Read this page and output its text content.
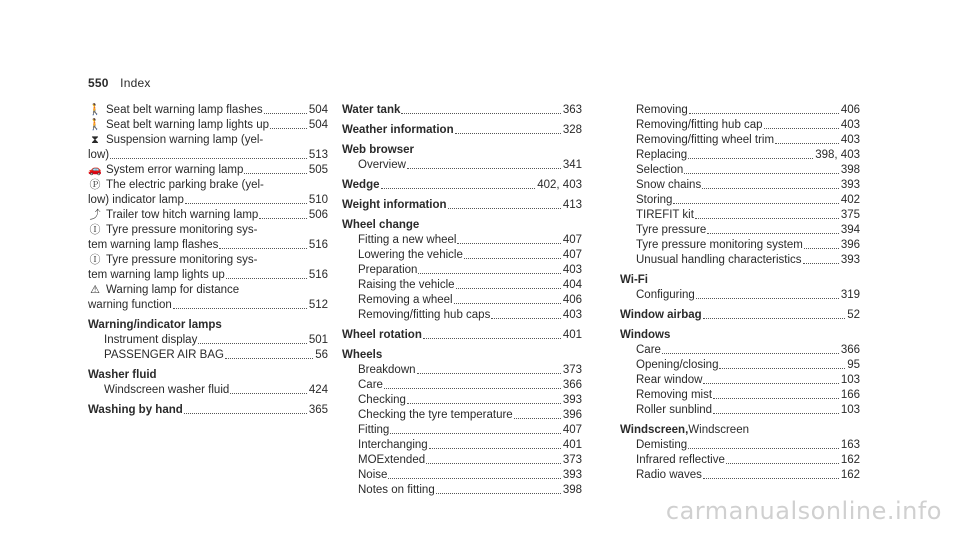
550 Index
🚶 Seat belt warning lamp flashes	504
🚶 Seat belt warning lamp lights up	504
⧗ Suspension warning lamp (yel-
low)	513
🚗 System error warning lamp	505
Ⓟ The electric parking brake (yel-
low) indicator lamp	510
⤴ Trailer tow hitch warning lamp	506
Ⓘ Tyre pressure monitoring sys-
tem warning lamp flashes	516
Ⓘ Tyre pressure monitoring sys-
tem warning lamp lights up	516
⚠ Warning lamp for distance
warning function	512
Warning/indicator lamps
Instrument display	501
PASSENGER AIR BAG	56
Washer fluid
Windscreen washer fluid	424
Washing by hand	365
Water tank	363
Weather information	328
Web browser
Overview	341
Wedge	402, 403
Weight information	413
Wheel change
Fitting a new wheel	407
Lowering the vehicle	407
Preparation	403
Raising the vehicle	404
Removing a wheel	406
Removing/fitting hub caps	403
Wheel rotation	401
Wheels
Breakdown	373
Care	366
Checking	393
Checking the tyre temperature	396
Fitting	407
Interchanging	401
MOExtended	373
Noise	393
Notes on fitting	398
Removing	406
Removing/fitting hub cap	403
Removing/fitting wheel trim	403
Replacing	398, 403
Selection	398
Snow chains	393
Storing	402
TIREFIT kit	375
Tyre pressure	394
Tyre pressure monitoring system	396
Unusual handling characteristics	393
Wi-Fi
Configuring	319
Window airbag	52
Windows
Care	366
Opening/closing	95
Rear window	103
Removing mist	166
Roller sunblind	103
Windscreen, Windscreen
Demisting	163
Infrared reflective	162
Radio waves	162
carmanualsonline.info
